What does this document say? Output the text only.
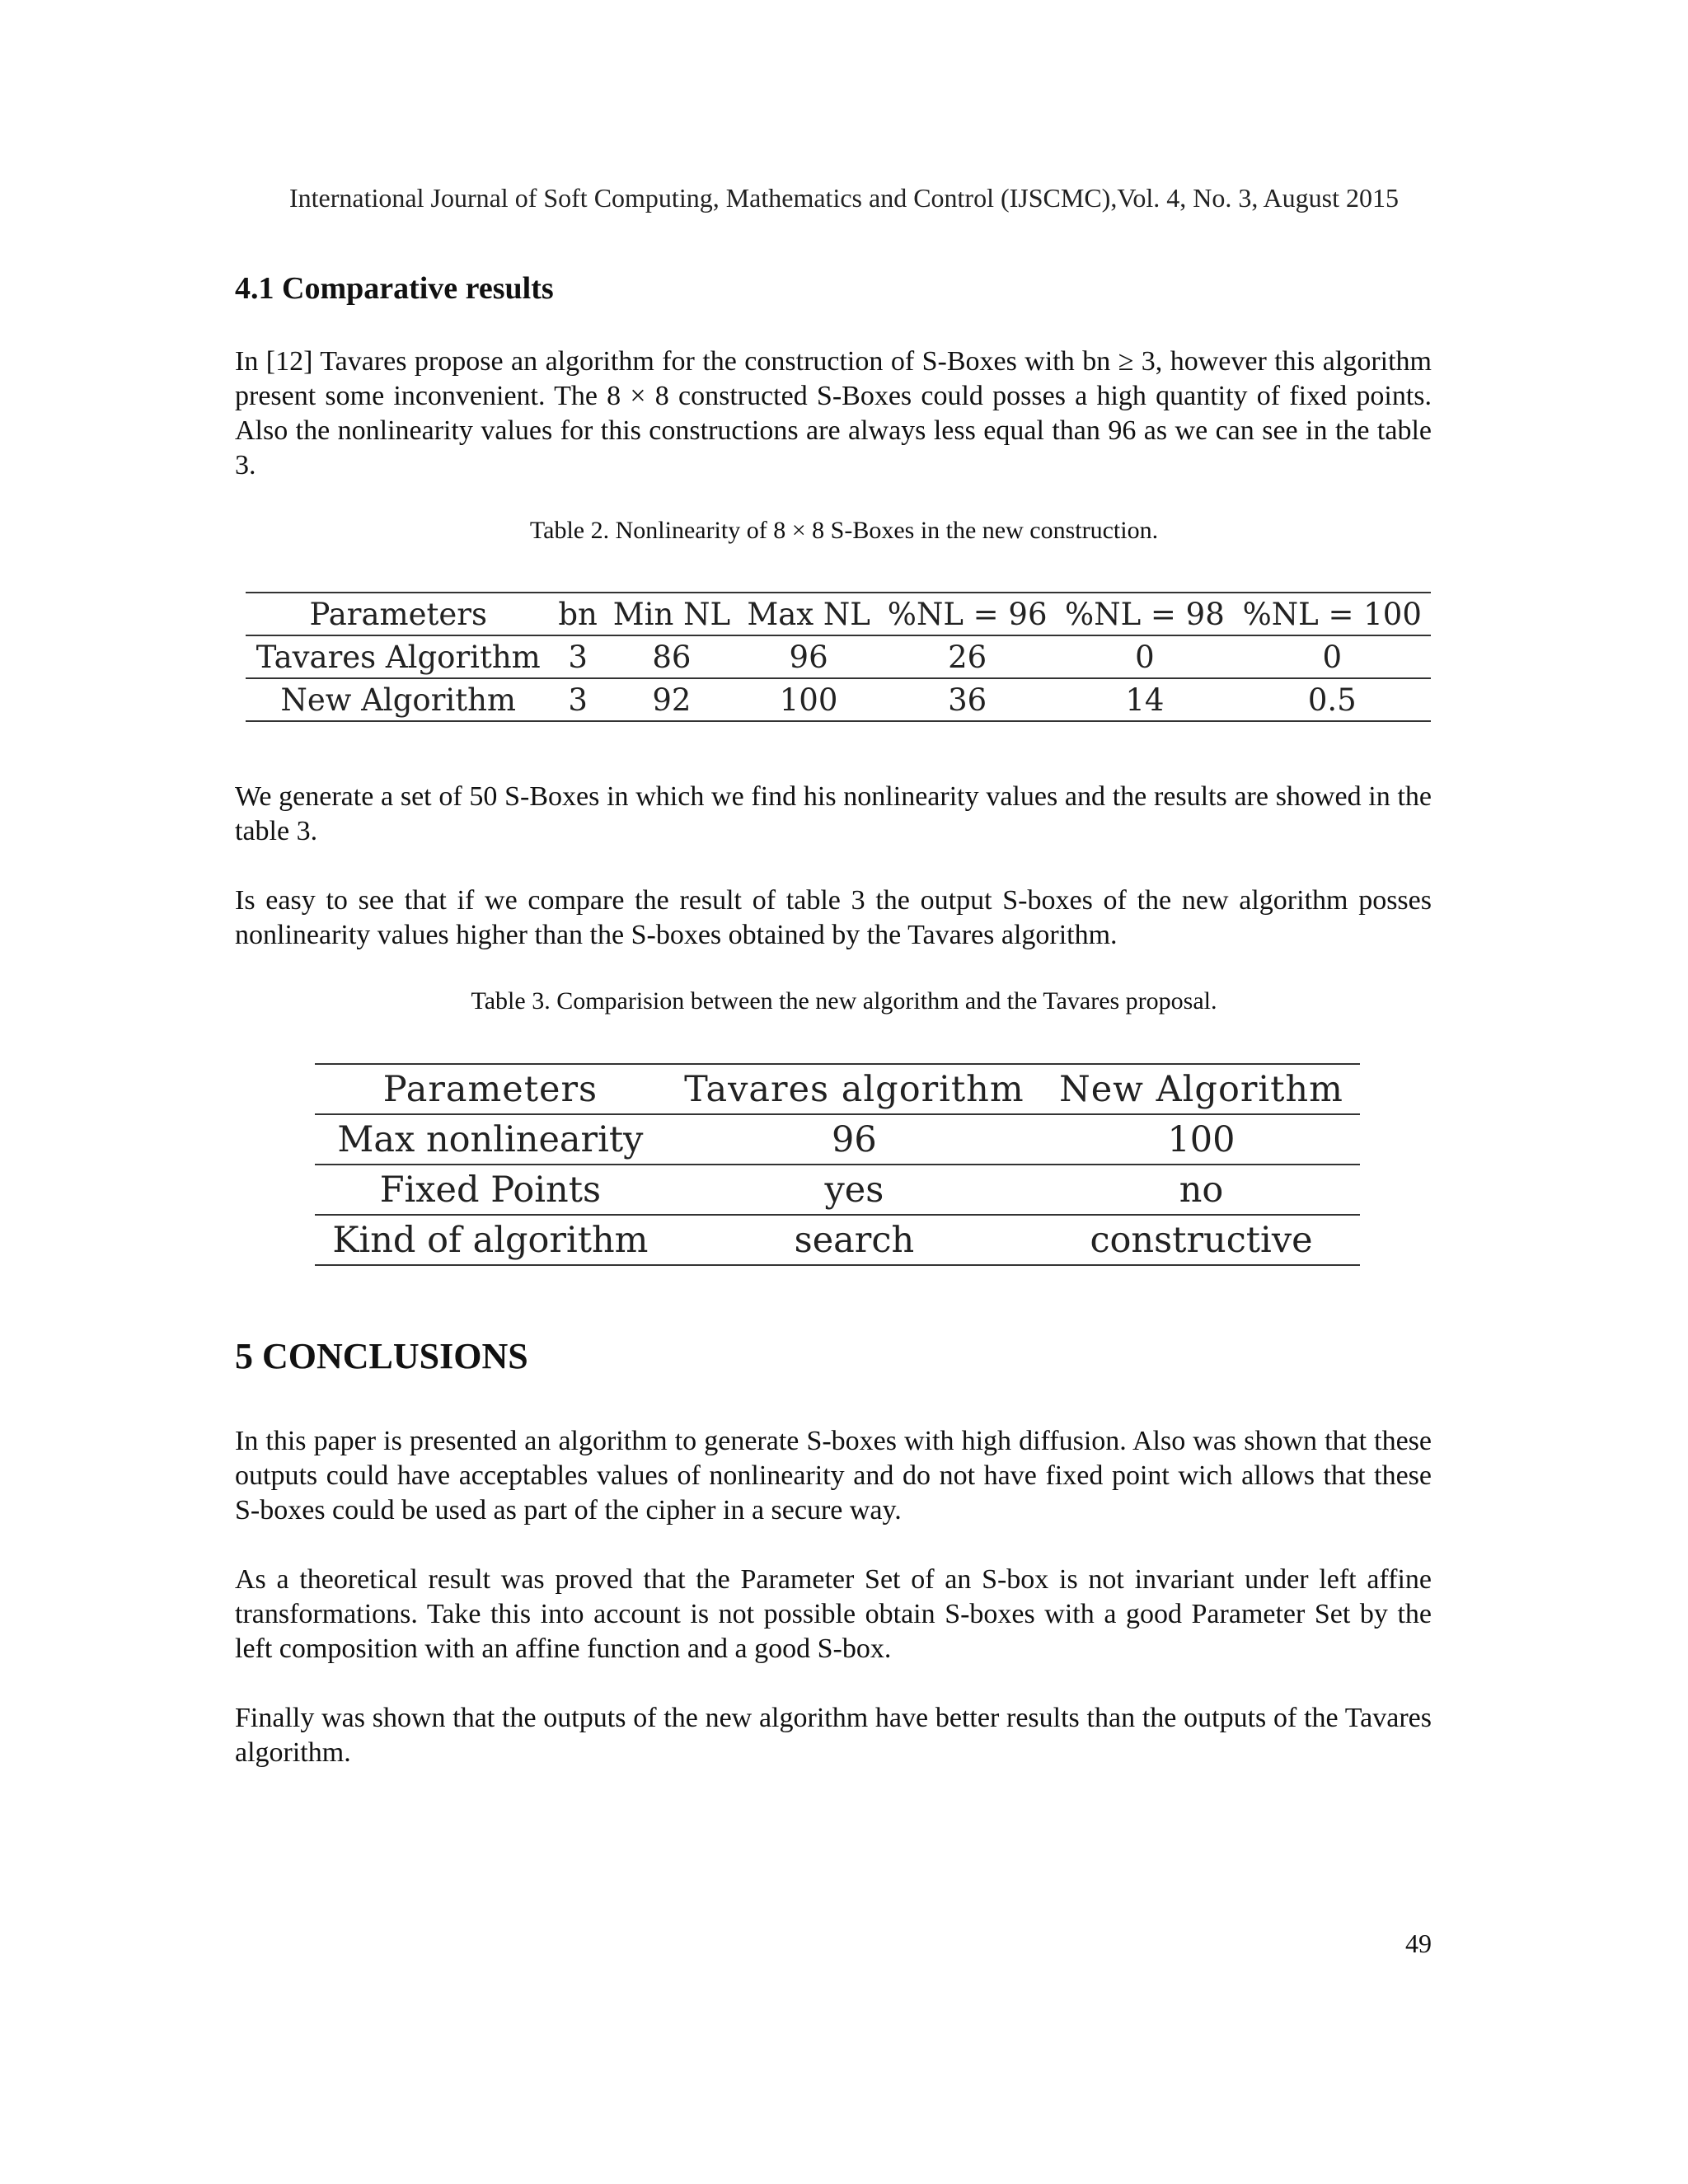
International Journal of Soft Computing, Mathematics and Control (IJSCMC),Vol. 4, No. 3, August 2015
4.1 Comparative results

In [12] Tavares propose an algorithm for the construction of S-Boxes with bn ≥ 3, however this algorithm present some inconvenient. The 8 × 8 constructed S-Boxes could posses a high quantity of fixed points. Also the nonlinearity values for this constructions are always less equal than 96 as we can see in the table 3.

Table 2. Nonlinearity of 8 × 8 S-Boxes in the new construction.
Parameters	bn	Min NL	Max NL	%NL = 96	%NL = 98	%NL = 100
Tavares Algorithm	3	86	96	26	0	0
New Algorithm	3	92	100	36	14	0.5

We generate a set of 50 S-Boxes in which we find his nonlinearity values and the results are showed in the table 3.

Is easy to see that if we compare the result of table 3 the output S-boxes of the new algorithm posses nonlinearity values higher than the S-boxes obtained by the Tavares algorithm.

Table 3. Comparision between the new algorithm and the Tavares proposal.
Parameters	Tavares algorithm	New Algorithm
Max nonlinearity	96	100
Fixed Points	yes	no
Kind of algorithm	search	constructive
5 CONCLUSIONS

In this paper is presented an algorithm to generate S-boxes with high diffusion. Also was shown that these outputs could have acceptables values of nonlinearity and do not have fixed point wich allows that these S-boxes could be used as part of the cipher in a secure way.

As a theoretical result was proved that the Parameter Set of an S-box is not invariant under left affine transformations. Take this into account is not possible obtain S-boxes with a good Parameter Set by the left composition with an affine function and a good S-box.

Finally was shown that the outputs of the new algorithm have better results than the outputs of the Tavares algorithm.

49
